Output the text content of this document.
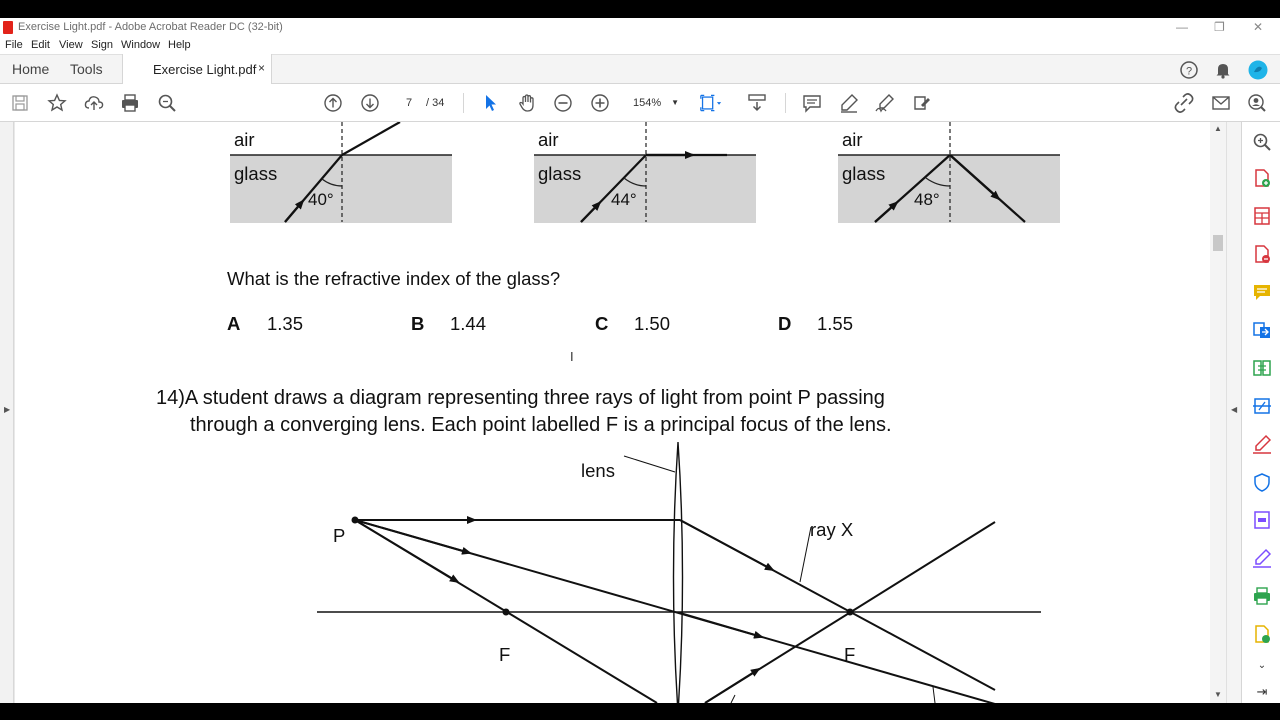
Exercise Light.pdf - Adobe Acrobat Reader DC (32-bit)	— ❐ ✕
File Edit View Sign Window Help
Home Tools	Exercise Light.pdf ×	?
7	/ 34	154% ▼
▶
air
glass
40°
air
glass
44°
air
glass
48°
What is the refractive index of the glass?
A 1.35	B 1.44	C 1.50	D 1.55
14)A student draws a diagram representing three rays of light from point P passing
through a converging lens. Each point labelled F is a principal focus of the lens.
lens
ray X
P
F	F
I
▲
▼
◀
⌄
⇥
